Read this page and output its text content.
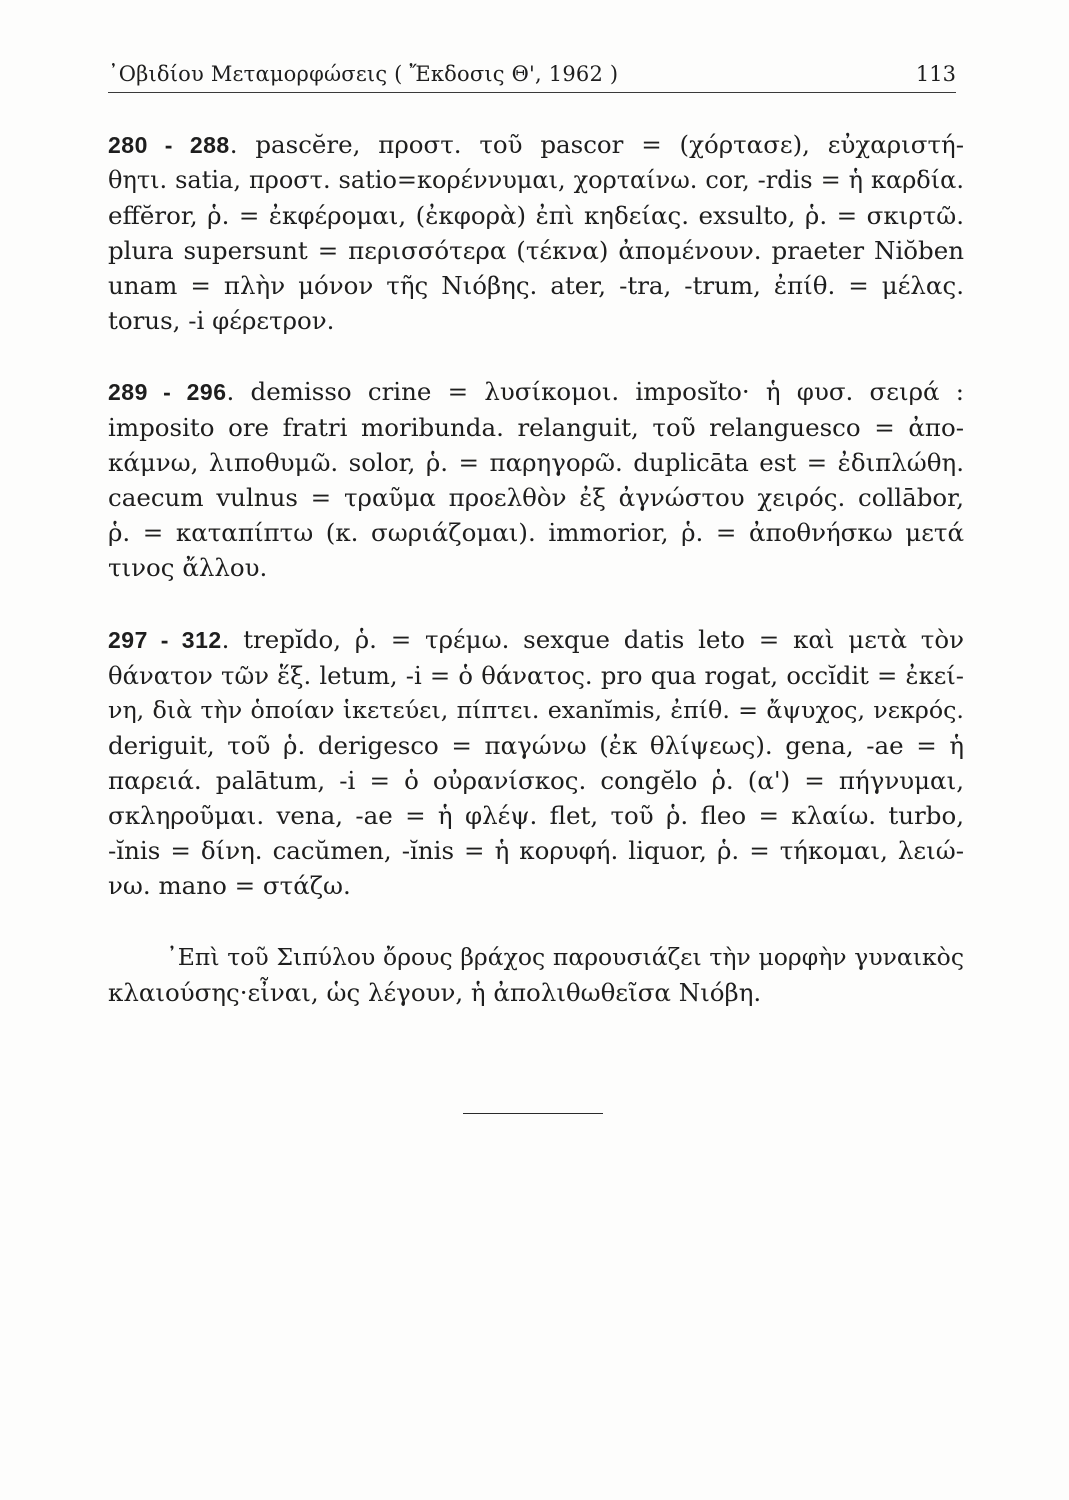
᾿Οβιδίου Μεταμορφώσεις ( Ἔκδοσις Θ', 1962 )	113
280 - 288. pascĕre, προστ. τοῦ pascor = (χόρτασε), εὐχαριστή-
θητι. satia, προστ. satio=κορέννυμαι, χορταίνω. cor, -rdis = ἡ καρδία.
effĕror, ῥ. = ἐκφέρομαι, (ἐκφορὰ) ἐπὶ κηδείας. exsulto, ῥ. = σκιρτῶ.
plura supersunt = περισσότερα (τέκνα) ἀπομένουν. praeter Niŏben
unam = πλὴν μόνον τῆς Νιόβης. ater, -tra, -trum, ἐπίθ. = μέλας.
torus, -i φέρετρον.
289 - 296. demisso crine = λυσίκομοι. imposĭto· ἡ φυσ. σειρά :
imposito ore fratri moribunda. relanguit, τοῦ relanguesco = ἀπο-
κάμνω, λιποθυμῶ. solor, ῥ. = παρηγορῶ. duplicāta est = ἐδιπλώθη.
caecum vulnus = τραῦμα προελθὸν ἐξ ἀγνώστου χειρός. collābor,
ῥ. = καταπίπτω (κ. σωριάζομαι). immorior, ῥ. = ἀποθνήσκω μετά
τινος ἄλλου.
297 - 312. trepĭdo, ῥ. = τρέμω. sexque datis leto = καὶ μετὰ τὸν
θάνατον τῶν ἕξ. letum, -i = ὁ θάνατος. pro qua rogat, occĭdit = ἐκεί-
νη, διὰ τὴν ὁποίαν ἱκετεύει, πίπτει. exanĭmis, ἐπίθ. = ἄψυχος, νεκρός.
deriguit, τοῦ ῥ. derigesco = παγώνω (ἐκ θλίψεως). gena, -ae = ἡ
παρειά. palātum, -i = ὁ οὐρανίσκος. congĕlo ῥ. (α') = πήγνυμαι,
σκληροῦμαι. vena, -ae = ἡ φλέψ. flet, τοῦ ῥ. fleo = κλαίω. turbo,
-ĭnis = δίνη. cacŭmen, -ĭnis = ἡ κορυφή. liquor, ῥ. = τήκομαι, λειώ-
νω. mano = στάζω.
᾿Επὶ τοῦ Σιπύλου ὄρους βράχος παρουσιάζει τὴν μορφὴν γυναικὸς
κλαιούσης·εἶναι, ὡς λέγουν, ἡ ἀπολιθωθεῖσα Νιόβη.
